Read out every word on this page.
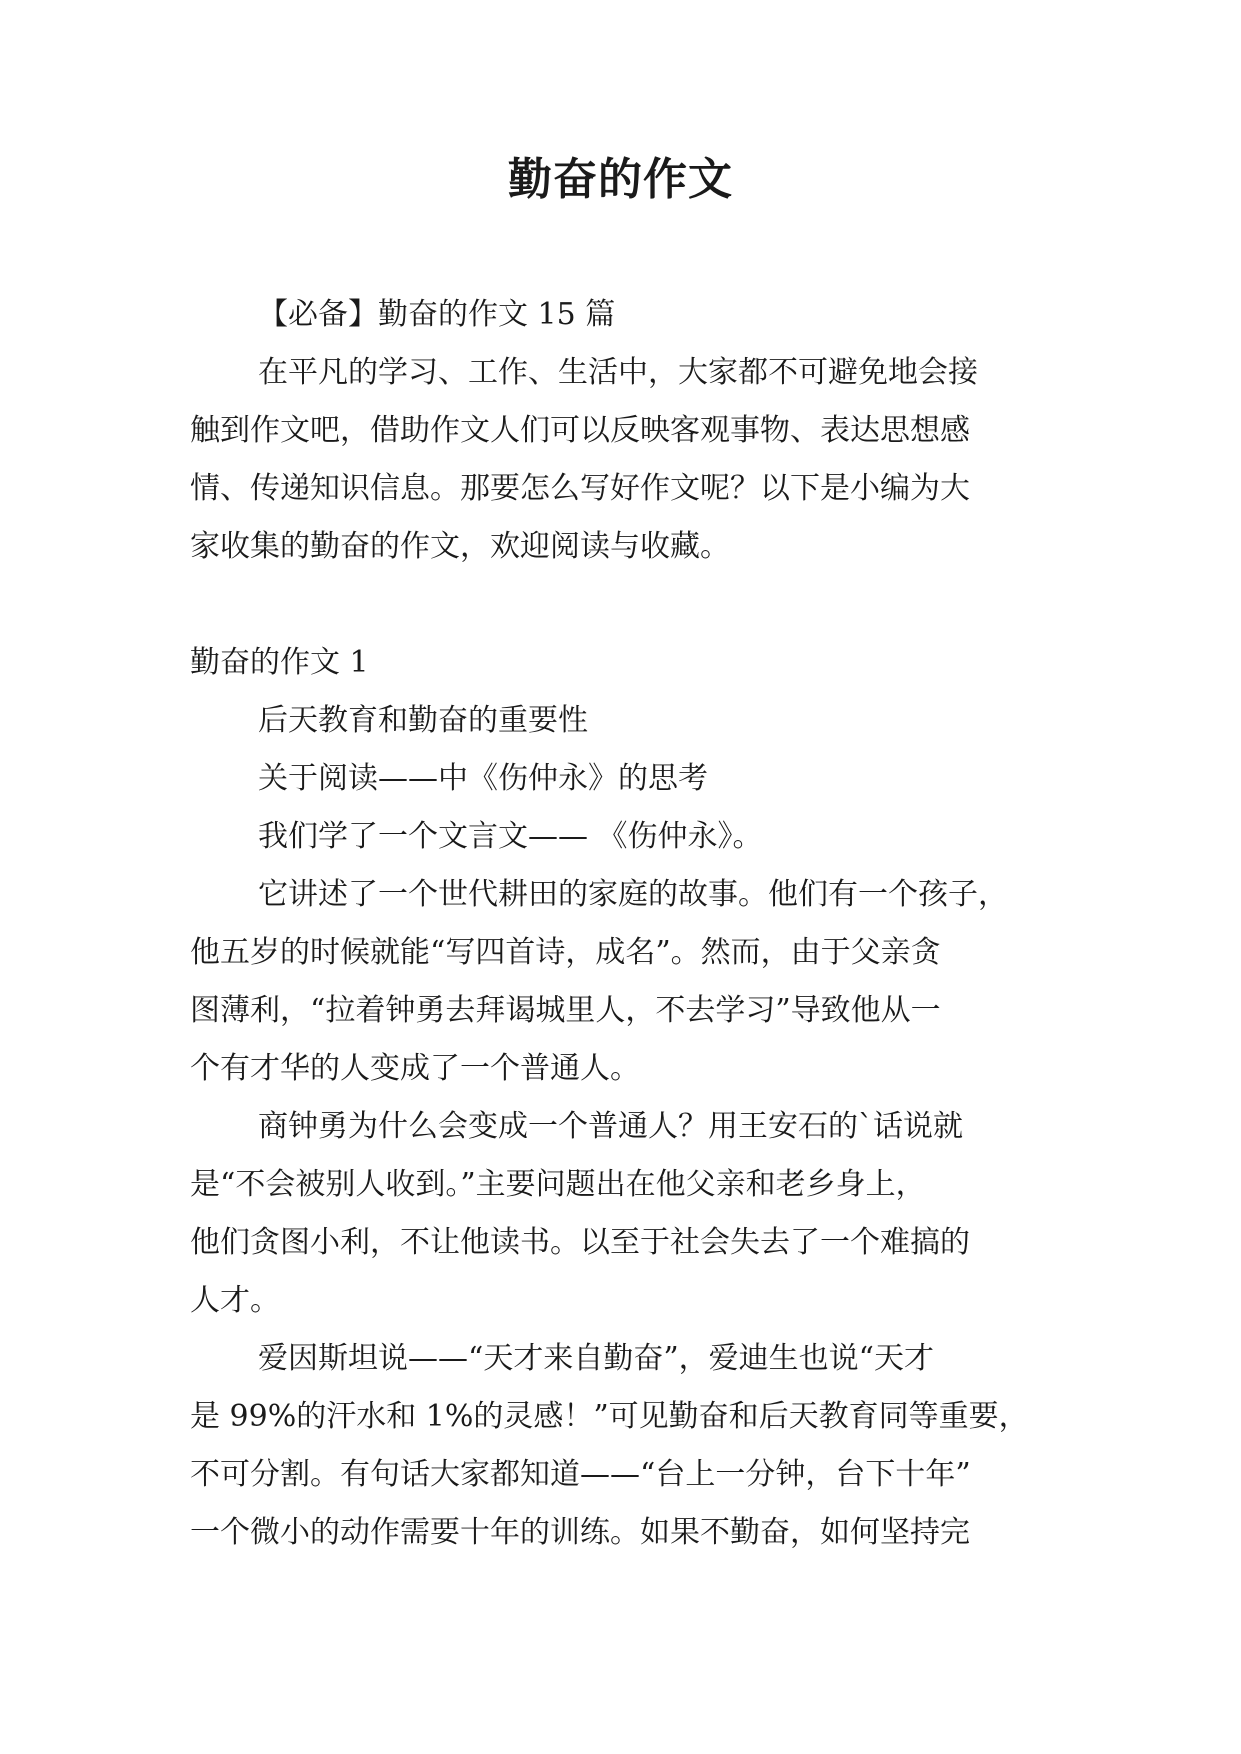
勤奋的作文
【必备】勤奋的作文 15 篇
在平凡的学习、工作、生活中，大家都不可避免地会接
触到作文吧，借助作文人们可以反映客观事物、表达思想感
情、传递知识信息。那要怎么写好作文呢？以下是小编为大
家收集的勤奋的作文，欢迎阅读与收藏。
勤奋的作文 1
后天教育和勤奋的重要性
关于阅读——中《伤仲永》的思考
我们学了一个文言文—— 《伤仲永》。
它讲述了一个世代耕田的家庭的故事。他们有一个孩子，
他五岁的时候就能“写四首诗，成名”。然而，由于父亲贪
图薄利，“拉着钟勇去拜谒城里人，不去学习”导致他从一
个有才华的人变成了一个普通人。
商钟勇为什么会变成一个普通人？用王安石的`话说就
是“不会被别人收到。”主要问题出在他父亲和老乡身上，
他们贪图小利，不让他读书。以至于社会失去了一个难搞的
人才。
爱因斯坦说——“天才来自勤奋”，爱迪生也说“天才
是 99%的汗水和 1%的灵感！”可见勤奋和后天教育同等重要，
不可分割。有句话大家都知道——“台上一分钟，台下十年”
一个微小的动作需要十年的训练。如果不勤奋，如何坚持完
